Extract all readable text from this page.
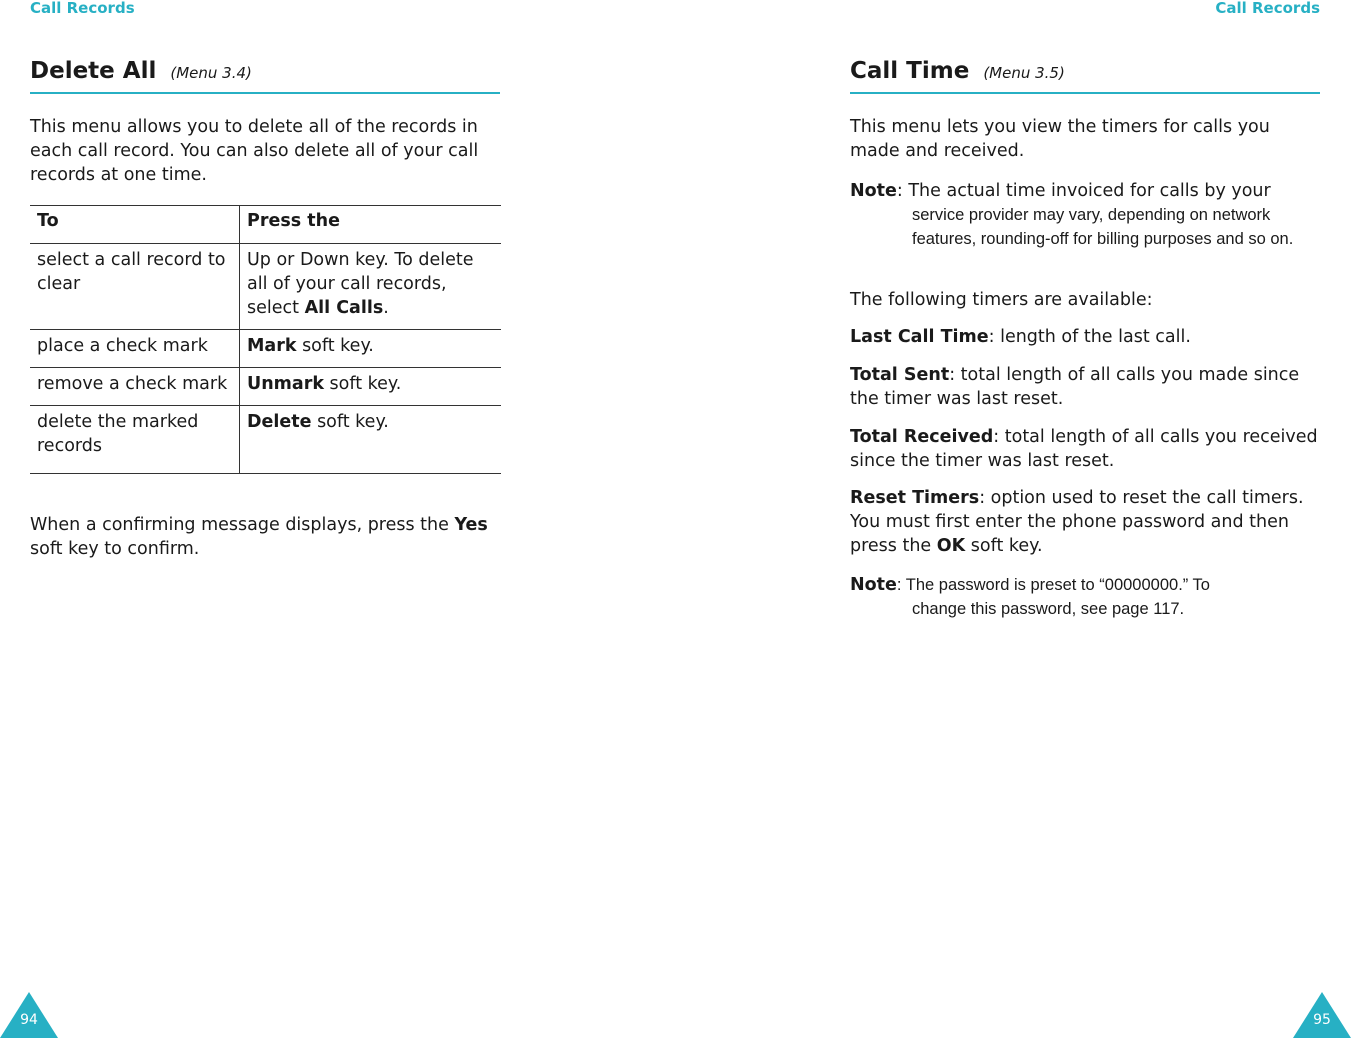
Call Records	Call Records
Delete All (Menu 3.4)
This menu allows you to delete all of the records in each call record. You can also delete all of your call records at one time.
To	Press the
select a call record to clear	Up or Down key. To delete all of your call records, select All Calls.
place a check mark	Mark soft key.
remove a check mark	Unmark soft key.
delete the marked records	Delete soft key.
When a confirming message displays, press the Yes soft key to confirm.
Call Time (Menu 3.5)
This menu lets you view the timers for calls you made and received.
Note: The actual time invoiced for calls by your
service provider may vary, depending on network features, rounding-off for billing purposes and so on.
The following timers are available:
Last Call Time: length of the last call.
Total Sent: total length of all calls you made since the timer was last reset.
Total Received: total length of all calls you received since the timer was last reset.
Reset Timers: option used to reset the call timers. You must first enter the phone password and then press the OK soft key.
Note: The password is preset to “00000000.” To
change this password, see page 117.
94	95
